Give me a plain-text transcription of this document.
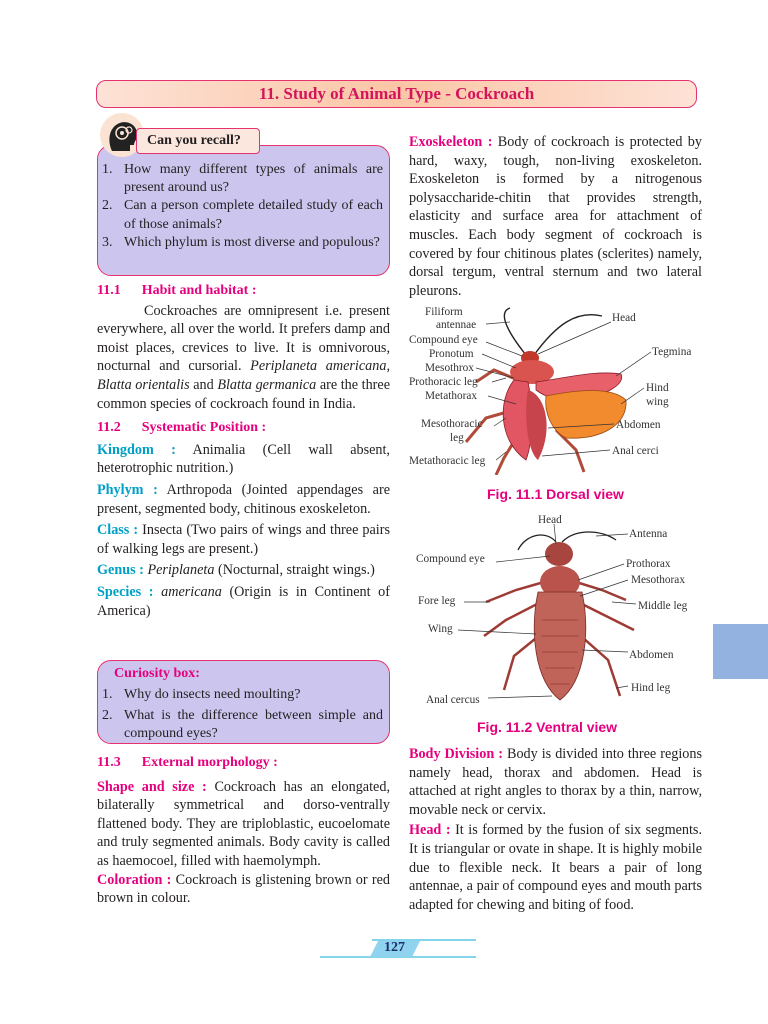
11. Study of Animal Type - Cockroach
1. How many different types of animals are present around us?
2. Can a person complete detailed study of each of those animals?
3. Which phylum is most diverse and populous?
Can you recall?
11.1      Habit and habitat :

Cockroaches are omnipresent i.e. present everywhere, all over the world. It prefers damp and moist places, crevices to live. It is omnivorous, nocturnal and cursorial. Periplaneta americana, Blatta orientalis and Blatta germanica are the three common species of cockroach found in India.

11.2      Systematic Position :

Kingdom : Animalia (Cell wall absent, heterotrophic nutrition.)

Phylym : Arthropoda (Jointed appendages are present, segmented body, chitinous exoskeleton.

Class : Insecta (Two pairs of wings and three pairs of walking legs are present.)

Genus : Periplaneta (Nocturnal, straight wings.)

Species : americana (Origin is in Continent of America)

Curiosity box:
1. Why do insects need moulting?
2. What is the difference between simple and compound eyes?
11.3      External morphology :

Shape and size : Cockroach has an elongated, bilaterally symmetrical and dorso-ventrally flattened body. They are triploblastic, eucoelomate and truly segmented animals. Body cavity is called as haemocoel, filled with haemolymph.

Coloration : Cockroach is glistening brown or red brown in colour.

Exoskeleton : Body of cockroach is protected by hard, waxy, tough, non-living exoskeleton. Exoskeleton is formed by a nitrogenous polysaccharide-chitin that provides strength, elasticity and surface area for attachment of muscles. Each body segment of cockroach is covered by four chitinous plates (sclerites) namely, dorsal tergum, ventral sternum and two lateral pleurons.
Filiform
antennae
Compound eye
Pronotum
Mesothrox
Prothoracic leg
Metathorax
Mesothoracic
leg
Metathoracic leg
Head
Tegmina
Hind
wing
Abdomen
Anal cerci
Fig. 11.1 Dorsal view
Head
Antenna
Compound eye	Prothorax
Mesothorax
Fore leg	Middle leg
Wing
Abdomen
Hind leg
Anal cercus
Fig. 11.2 Ventral view

Body Division : Body is divided into three regions namely head, thorax and abdomen. Head is attached at right angles to thorax by a thin, narrow, movable neck or cervix.

Head : It is formed by the fusion of six segments. It is triangular or ovate in shape. It is highly mobile due to flexible neck. It bears a pair of long antennae, a pair of compound eyes and mouth parts adapted for chewing and biting of food.

127
